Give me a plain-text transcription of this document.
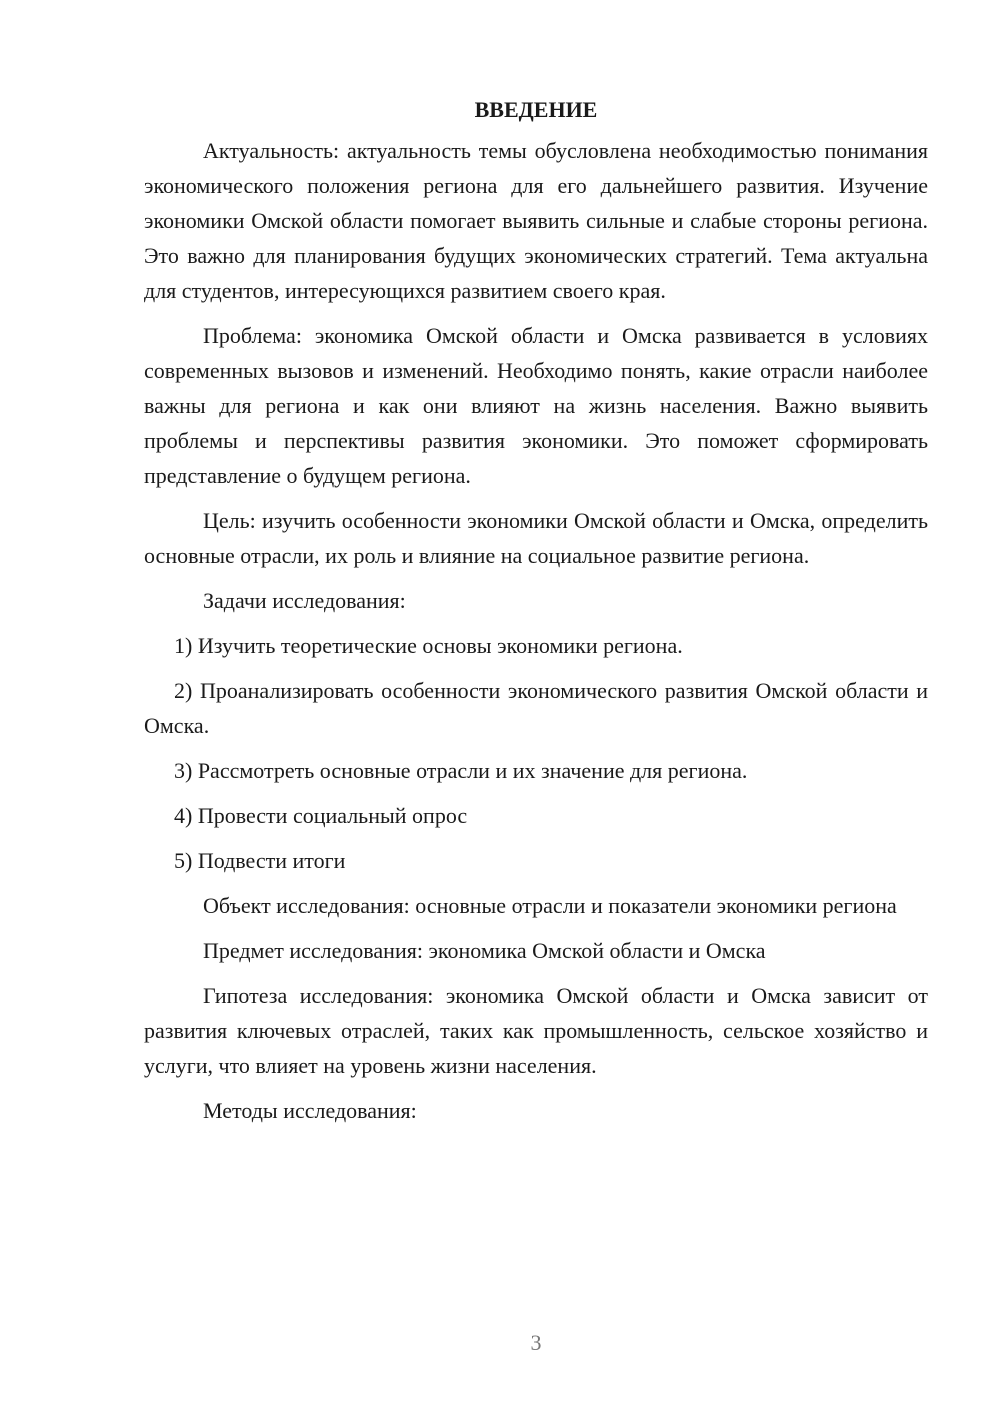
ВВЕДЕНИЕ

Актуальность: актуальность темы обусловлена необходимостью понимания экономического положения региона для его дальнейшего развития. Изучение экономики Омской области помогает выявить сильные и слабые стороны региона. Это важно для планирования будущих экономических стратегий. Тема актуальна для студентов, интересующихся развитием своего края.

Проблема: экономика Омской области и Омска развивается в условиях современных вызовов и изменений. Необходимо понять, какие отрасли наиболее важны для региона и как они влияют на жизнь населения. Важно выявить проблемы и перспективы развития экономики. Это поможет сформировать представление о будущем региона.

Цель: изучить особенности экономики Омской области и Омска, определить основные отрасли, их роль и влияние на социальное развитие региона.

Задачи исследования:

1) Изучить теоретические основы экономики региона.

2) Проанализировать особенности экономического развития Омской области и Омска.

3) Рассмотреть основные отрасли и их значение для региона.

4) Провести социальный опрос

5) Подвести итоги

Объект исследования: основные отрасли и показатели экономики региона

Предмет исследования: экономика Омской области и Омска

Гипотеза исследования: экономика Омской области и Омска зависит от развития ключевых отраслей, таких как промышленность, сельское хозяйство и услуги, что влияет на уровень жизни населения.

Методы исследования:

3
